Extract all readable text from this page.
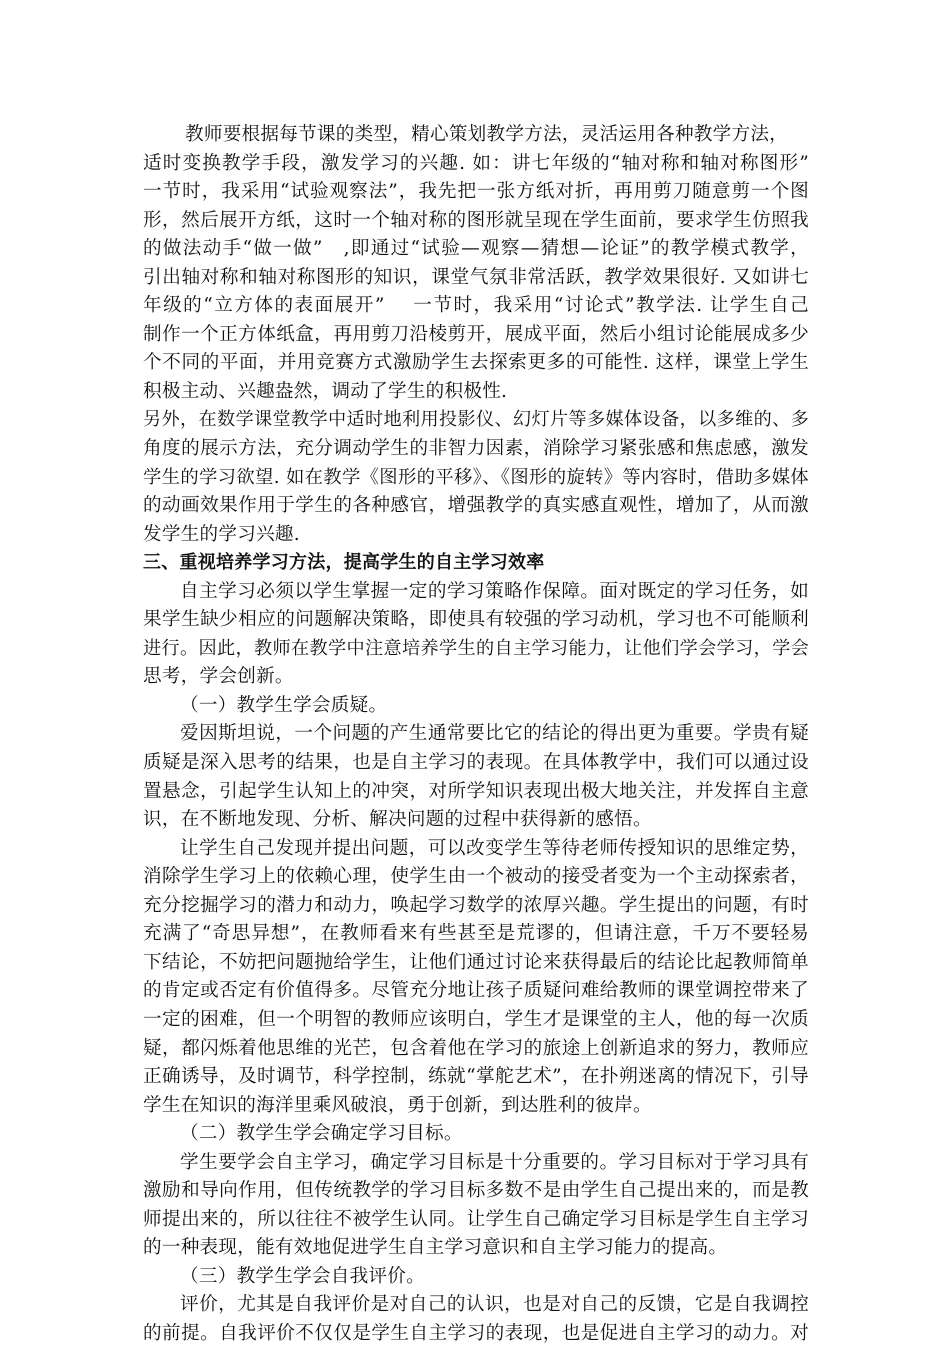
教师要根据每节课的类型，精心策划教学方法，灵活运用各种教学方法，
适时变换教学手段，激发学习的兴趣. 如：讲七年级的“轴对称和轴对称图形”
一节时，我采用“试验观察法”，我先把一张方纸对折，再用剪刀随意剪一个图
形，然后展开方纸，这时一个轴对称的图形就呈现在学生面前，要求学生仿照我
的做法动手“做一做”　,即通过“试验—观察—猜想—论证”的教学模式教学，
引出轴对称和轴对称图形的知识，课堂气氛非常活跃，教学效果很好. 又如讲七
年级的“立方体的表面展开”　 一节时，我采用“讨论式”教学法. 让学生自己
制作一个正方体纸盒，再用剪刀沿棱剪开，展成平面，然后小组讨论能展成多少
个不同的平面，并用竞赛方式激励学生去探索更多的可能性. 这样，课堂上学生
积极主动、兴趣盎然，调动了学生的积极性.
另外，在数学课堂教学中适时地利用投影仪、幻灯片等多媒体设备，以多维的、多
角度的展示方法，充分调动学生的非智力因素，消除学习紧张感和焦虑感，激发
学生的学习欲望. 如在教学《图形的平移》、《图形的旋转》等内容时，借助多媒体
的动画效果作用于学生的各种感官，增强教学的真实感直观性，增加了，从而激
发学生的学习兴趣.
三、重视培养学习方法，提高学生的自主学习效率
自主学习必须以学生掌握一定的学习策略作保障。面对既定的学习任务，如
果学生缺少相应的问题解决策略，即使具有较强的学习动机，学习也不可能顺利
进行。因此，教师在教学中注意培养学生的自主学习能力，让他们学会学习，学会
思考，学会创新。
（一）教学生学会质疑。
爱因斯坦说，一个问题的产生通常要比它的结论的得出更为重要。学贵有疑
质疑是深入思考的结果，也是自主学习的表现。在具体教学中，我们可以通过设
置悬念，引起学生认知上的冲突，对所学知识表现出极大地关注，并发挥自主意
识，在不断地发现、分析、解决问题的过程中获得新的感悟。
让学生自己发现并提出问题，可以改变学生等待老师传授知识的思维定势，
消除学生学习上的依赖心理，使学生由一个被动的接受者变为一个主动探索者，
充分挖掘学习的潜力和动力，唤起学习数学的浓厚兴趣。学生提出的问题，有时
充满了“奇思异想”，在教师看来有些甚至是荒谬的，但请注意，千万不要轻易
下结论，不妨把问题抛给学生，让他们通过讨论来获得最后的结论比起教师简单
的肯定或否定有价值得多。尽管充分地让孩子质疑问难给教师的课堂调控带来了
一定的困难，但一个明智的教师应该明白，学生才是课堂的主人，他的每一次质
疑，都闪烁着他思维的光芒，包含着他在学习的旅途上创新追求的努力，教师应
正确诱导，及时调节，科学控制，练就“掌舵艺术”，在扑朔迷离的情况下，引导
学生在知识的海洋里乘风破浪，勇于创新，到达胜利的彼岸。
（二）教学生学会确定学习目标。
学生要学会自主学习，确定学习目标是十分重要的。学习目标对于学习具有
激励和导向作用，但传统教学的学习目标多数不是由学生自己提出来的，而是教
师提出来的，所以往往不被学生认同。让学生自己确定学习目标是学生自主学习
的一种表现，能有效地促进学生自主学习意识和自主学习能力的提高。
（三）教学生学会自我评价。
评价，尤其是自我评价是对自己的认识，也是对自己的反馈，它是自我调控
的前提。自我评价不仅仅是学生自主学习的表现，也是促进自主学习的动力。对
